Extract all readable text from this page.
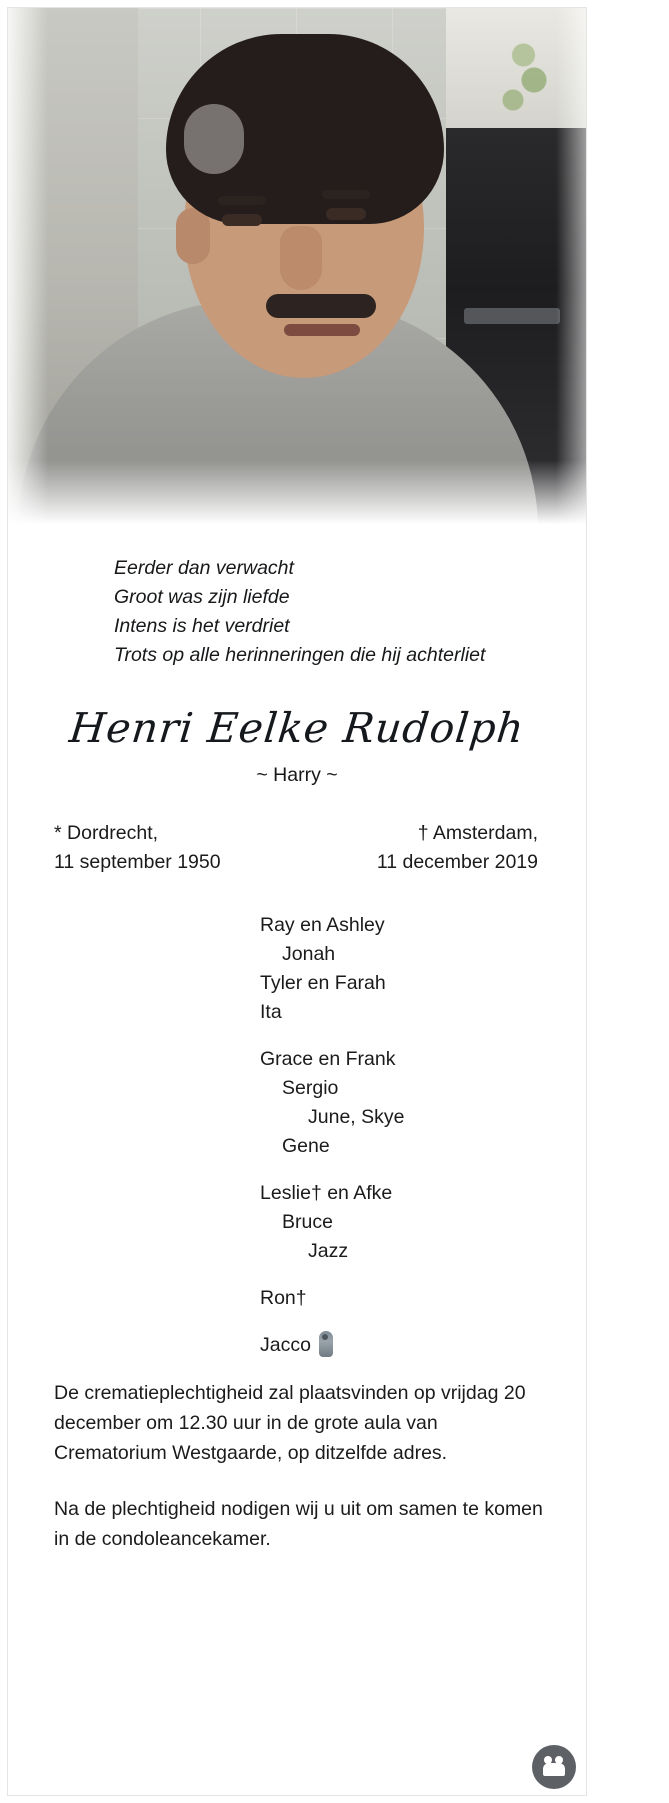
Eerder dan verwacht
Groot was zijn liefde
Intens is het verdriet
Trots op alle herinneringen die hij achterliet
Henri Eelke Rudolph
~ Harry ~
* Dordrecht,
11 september 1950
† Amsterdam,
11 december 2019
Ray en Ashley
Jonah
Tyler en Farah
Ita
Grace en Frank
Sergio
June, Skye
Gene
Leslie† en Afke
Bruce
Jazz
Ron†
Jacco

De crematieplechtigheid zal plaatsvinden op vrijdag 20 december om 12.30 uur in de grote aula van Crematorium Westgaarde, op ditzelfde adres.

Na de plechtigheid nodigen wij u uit om samen te komen in de condoleancekamer.
